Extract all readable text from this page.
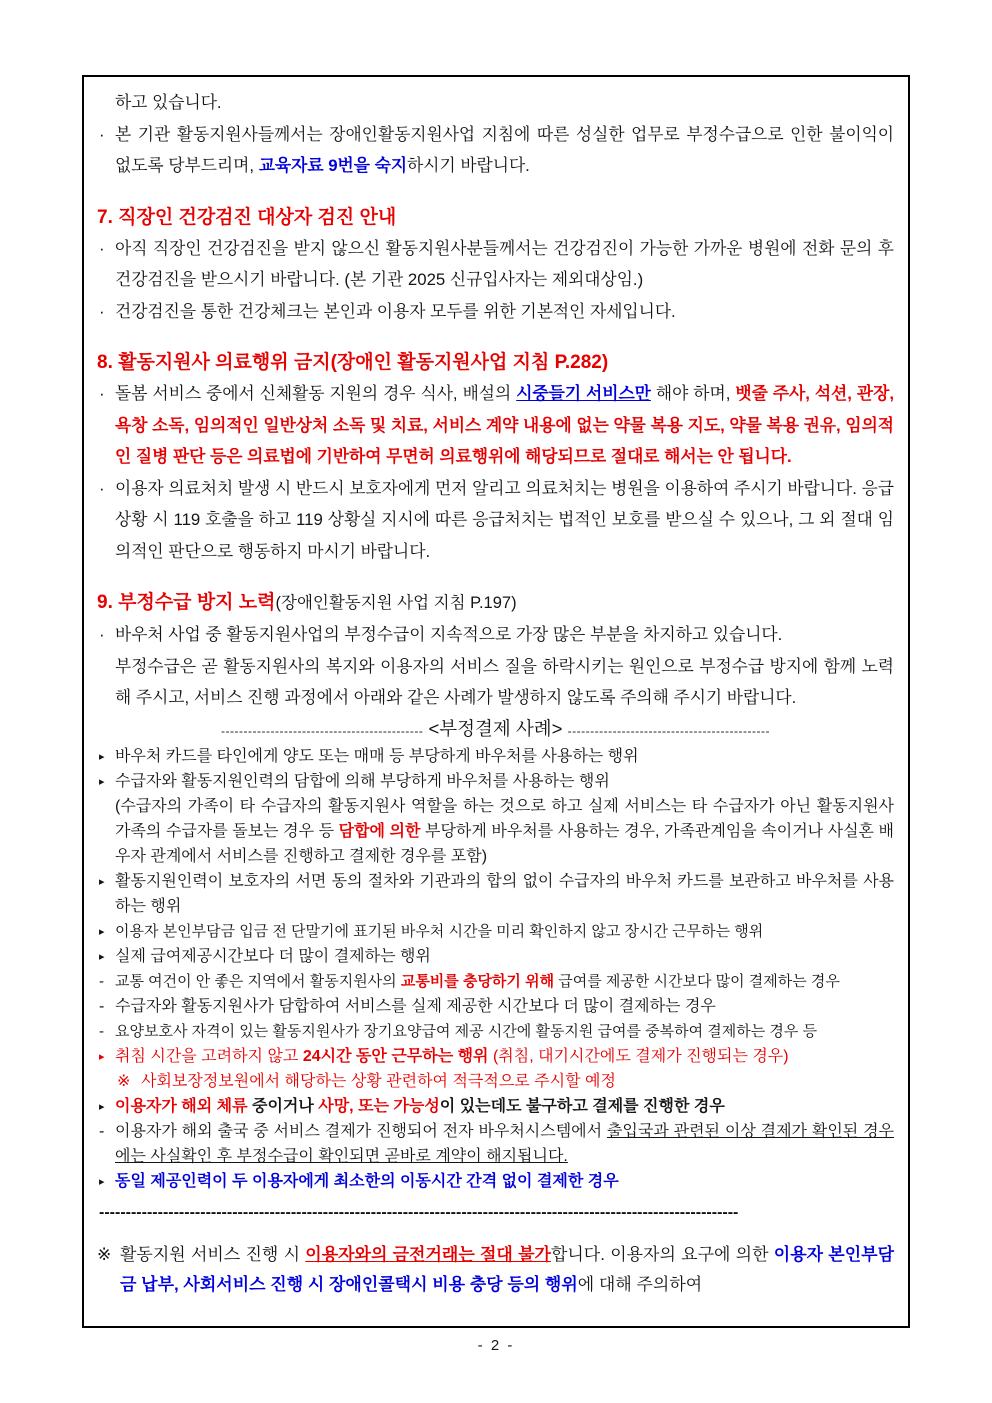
하고 있습니다.
· 본 기관 활동지원사들께서는 장애인활동지원사업 지침에 따른 성실한 업무로 부정수급으로 인한 불이익이 없도록 당부드리며, 교육자료 9번을 숙지하시기 바랍니다.
7. 직장인 건강검진 대상자 검진 안내
· 아직 직장인 건강검진을 받지 않으신 활동지원사분들께서는 건강검진이 가능한 가까운 병원에 전화 문의 후 건강검진을 받으시기 바랍니다. (본 기관 2025 신규입사자는 제외대상임.)
· 건강검진을 통한 건강체크는 본인과 이용자 모두를 위한 기본적인 자세입니다.
8. 활동지원사 의료행위 금지(장애인 활동지원사업 지침 P.282)
· 돌봄 서비스 중에서 신체활동 지원의 경우 식사, 배설의 시중들기 서비스만 해야 하며, 뱃줄 주사, 석션, 관장, 욕창 소독, 임의적인 일반상처 소독 및 치료, 서비스 계약 내용에 없는 약물 복용 지도, 약물 복용 권유, 임의적인 질병 판단 등은 의료법에 기반하여 무면허 의료행위에 해당되므로 절대로 해서는 안 됩니다.
· 이용자 의료처치 발생 시 반드시 보호자에게 먼저 알리고 의료처치는 병원을 이용하여 주시기 바랍니다. 응급상황 시 119 호출을 하고 119 상황실 지시에 따른 응급처치는 법적인 보호를 받으실 수 있으나, 그 외 절대 임의적인 판단으로 행동하지 마시기 바랍니다.
9. 부정수급 방지 노력(장애인활동지원 사업 지침 P.197)
· 바우처 사업 중 활동지원사업의 부정수급이 지속적으로 가장 많은 부분을 차지하고 있습니다.
부정수급은 곧 활동지원사의 복지와 이용자의 서비스 질을 하락시키는 원인으로 부정수급 방지에 함께 노력해 주시고, 서비스 진행 과정에서 아래와 같은 사례가 발생하지 않도록 주의해 주시기 바랍니다.
--------------------------------------------- <부정결제 사례> ---------------------------------------------
▸ 바우처 카드를 타인에게 양도 또는 매매 등 부당하게 바우처를 사용하는 행위
▸ 수급자와 활동지원인력의 담합에 의해 부당하게 바우처를 사용하는 행위
(수급자의 가족이 타 수급자의 활동지원사 역할을 하는 것으로 하고 실제 서비스는 타 수급자가 아닌 활동지원사 가족의 수급자를 돌보는 경우 등 담합에 의한 부당하게 바우처를 사용하는 경우, 가족관계임을 속이거나 사실혼 배우자 관계에서 서비스를 진행하고 결제한 경우를 포함)
▸ 활동지원인력이 보호자의 서면 동의 절차와 기관과의 합의 없이 수급자의 바우처 카드를 보관하고 바우처를 사용하는 행위
▸ 이용자 본인부담금 입금 전 단말기에 표기된 바우처 시간을 미리 확인하지 않고 장시간 근무하는 행위
▸ 실제 급여제공시간보다 더 많이 결제하는 행위
- 교통 여건이 안 좋은 지역에서 활동지원사의 교통비를 충당하기 위해 급여를 제공한 시간보다 많이 결제하는 경우
- 수급자와 활동지원사가 담합하여 서비스를 실제 제공한 시간보다 더 많이 결제하는 경우
- 요양보호사 자격이 있는 활동지원사가 장기요양급여 제공 시간에 활동지원 급여를 중복하여 결제하는 경우 등
▸ 취침 시간을 고려하지 않고 24시간 동안 근무하는 행위 (취침, 대기시간에도 결제가 진행되는 경우)
※ 사회보장정보원에서 해당하는 상황 관련하여 적극적으로 주시할 예정
▸ 이용자가 해외 체류 중이거나 사망, 또는 가능성이 있는데도 불구하고 결제를 진행한 경우
- 이용자가 해외 출국 중 서비스 결제가 진행되어 전자 바우처시스템에서 출입국과 관련된 이상 결제가 확인된 경우에는 사실확인 후 부정수급이 확인되면 곧바로 계약이 해지됩니다.
▸ 동일 제공인력이 두 이용자에게 최소한의 이동시간 간격 없이 결제한 경우
------------------------------------------------------------------------------------------------------------------------
※ 활동지원 서비스 진행 시 이용자와의 금전거래는 절대 불가합니다. 이용자의 요구에 의한 이용자 본인부담금 납부, 사회서비스 진행 시 장애인콜택시 비용 충당 등의 행위에 대해 주의하여
- 2 -
